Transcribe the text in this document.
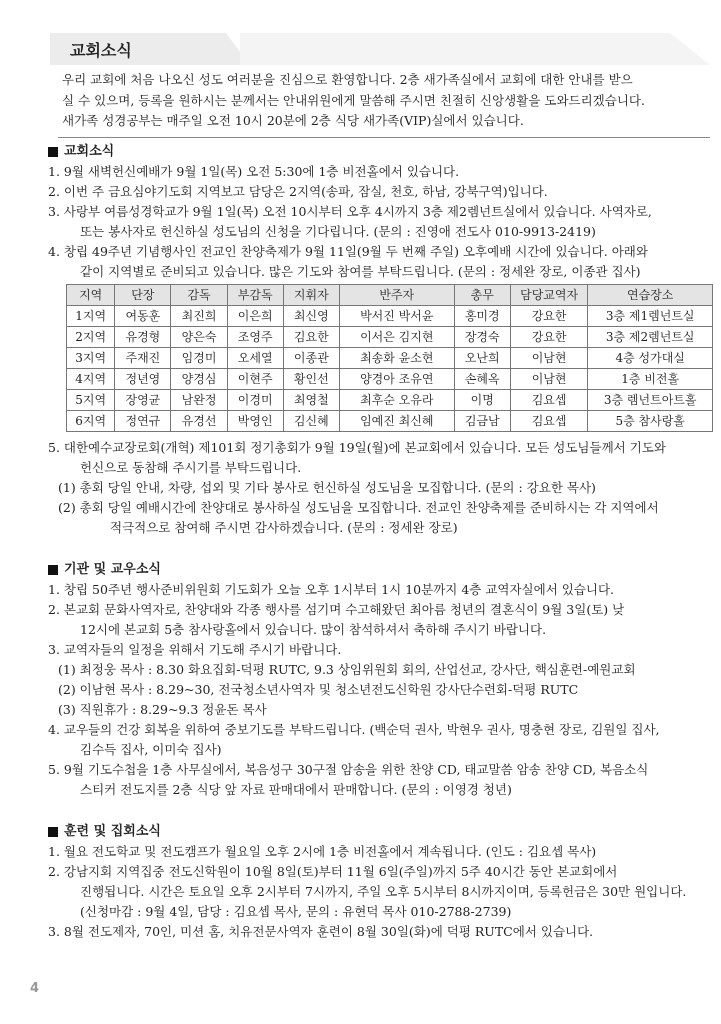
교회소식

우리 교회에 처음 나오신 성도 여러분을 진심으로 환영합니다. 2층 새가족실에서 교회에 대한 안내를 받으

실 수 있으며, 등록을 원하시는 분께서는 안내위원에게 말씀해 주시면 친절히 신앙생활을 도와드리겠습니다.

새가족 성경공부는 매주일 오전 10시 20분에 2층 식당 새가족(VIP)실에서 있습니다.

교회소식
1. 9월 새벽헌신예배가 9월 1일(목) 오전 5:30에 1층 비전홀에서 있습니다.
2. 이번 주 금요심야기도회 지역보고 담당은 2지역(송파, 잠실, 천호, 하남, 강북구역)입니다.
3. 사랑부 여름성경학교가 9월 1일(목) 오전 10시부터 오후 4시까지 3층 제2렘넌트실에서 있습니다. 사역자로,
또는 봉사자로 헌신하실 성도님의 신청을 기다립니다. (문의 : 진영애 전도사 010-9913-2419)
4. 창립 49주년 기념행사인 전교인 찬양축제가 9월 11일(9월 두 번째 주일) 오후예배 시간에 있습니다. 아래와
같이 지역별로 준비되고 있습니다. 많은 기도와 참여를 부탁드립니다. (문의 : 정세완 장로, 이종관 집사)
지역	단장	감독	부감독	지휘자	반주자	총무	담당교역자	연습장소
1지역	여동훈	최진희	이은희	최신영	박서진 박서윤	홍미경	강요한	3층 제1렘넌트실
2지역	유경형	양은숙	조영주	김요한	이서은 김지현	장경숙	강요한	3층 제2렘넌트실
3지역	주재진	임경미	오세열	이종관	최송화 윤소현	오난희	이남현	4층 성가대실
4지역	정년영	양경심	이현주	황인선	양경아 조유연	손혜옥	이남현	1층 비전홀
5지역	장영균	남완정	이경미	최영철	최후순 오유라	이명	김요셉	3층 렘넌트아트홀
6지역	정연규	유경선	박영인	김신혜	임예진 최신혜	김금남	김요셉	5층 참사랑홀
5. 대한예수교장로회(개혁) 제101회 정기총회가 9월 19일(월)에 본교회에서 있습니다. 모든 성도님들께서 기도와
헌신으로 동참해 주시기를 부탁드립니다.
(1) 총회 당일 안내, 차량, 섭외 및 기타 봉사로 헌신하실 성도님을 모집합니다. (문의 : 강요한 목사)
(2) 총회 당일 예배시간에 찬양대로 봉사하실 성도님을 모집합니다. 전교인 찬양축제를 준비하시는 각 지역에서
적극적으로 참여해 주시면 감사하겠습니다. (문의 : 정세완 장로)
기관 및 교우소식
1. 창립 50주년 행사준비위원회 기도회가 오늘 오후 1시부터 1시 10분까지 4층 교역자실에서 있습니다.
2. 본교회 문화사역자로, 찬양대와 각종 행사를 섬기며 수고해왔던 최아름 청년의 결혼식이 9월 3일(토) 낮
12시에 본교회 5층 참사랑홀에서 있습니다. 많이 참석하셔서 축하해 주시기 바랍니다.
3. 교역자들의 일정을 위해서 기도해 주시기 바랍니다.
(1) 최정웅 목사 : 8.30 화요집회-덕평 RUTC, 9.3 상임위원회 회의, 산업선교, 강사단, 핵심훈련-예원교회
(2) 이남현 목사 : 8.29~30, 전국청소년사역자 및 청소년전도신학원 강사단수련회-덕평 RUTC
(3) 직원휴가 : 8.29~9.3 정윤돈 목사
4. 교우들의 건강 회복을 위하여 중보기도를 부탁드립니다. (백순덕 권사, 박현우 권사, 명충현 장로, 김원일 집사,
김수득 집사, 이미숙 집사)
5. 9월 기도수첩을 1층 사무실에서, 복음성구 30구절 암송을 위한 찬양 CD, 태교말씀 암송 찬양 CD, 복음소식
스티커 전도지를 2층 식당 앞 자료 판매대에서 판매합니다. (문의 : 이영경 청년)
훈련 및 집회소식
1. 월요 전도학교 및 전도캠프가 월요일 오후 2시에 1층 비전홀에서 계속됩니다. (인도 : 김요셉 목사)
2. 강남지회 지역집중 전도신학원이 10월 8일(토)부터 11월 6일(주일)까지 5주 40시간 동안 본교회에서
진행됩니다. 시간은 토요일 오후 2시부터 7시까지, 주일 오후 5시부터 8시까지이며, 등록헌금은 30만 원입니다.
(신청마감 : 9월 4일, 담당 : 김요셉 목사, 문의 : 유현덕 목사 010-2788-2739)
3. 8월 전도제자, 70인, 미션 홈, 치유전문사역자 훈련이 8월 30일(화)에 덕평 RUTC에서 있습니다.
4
